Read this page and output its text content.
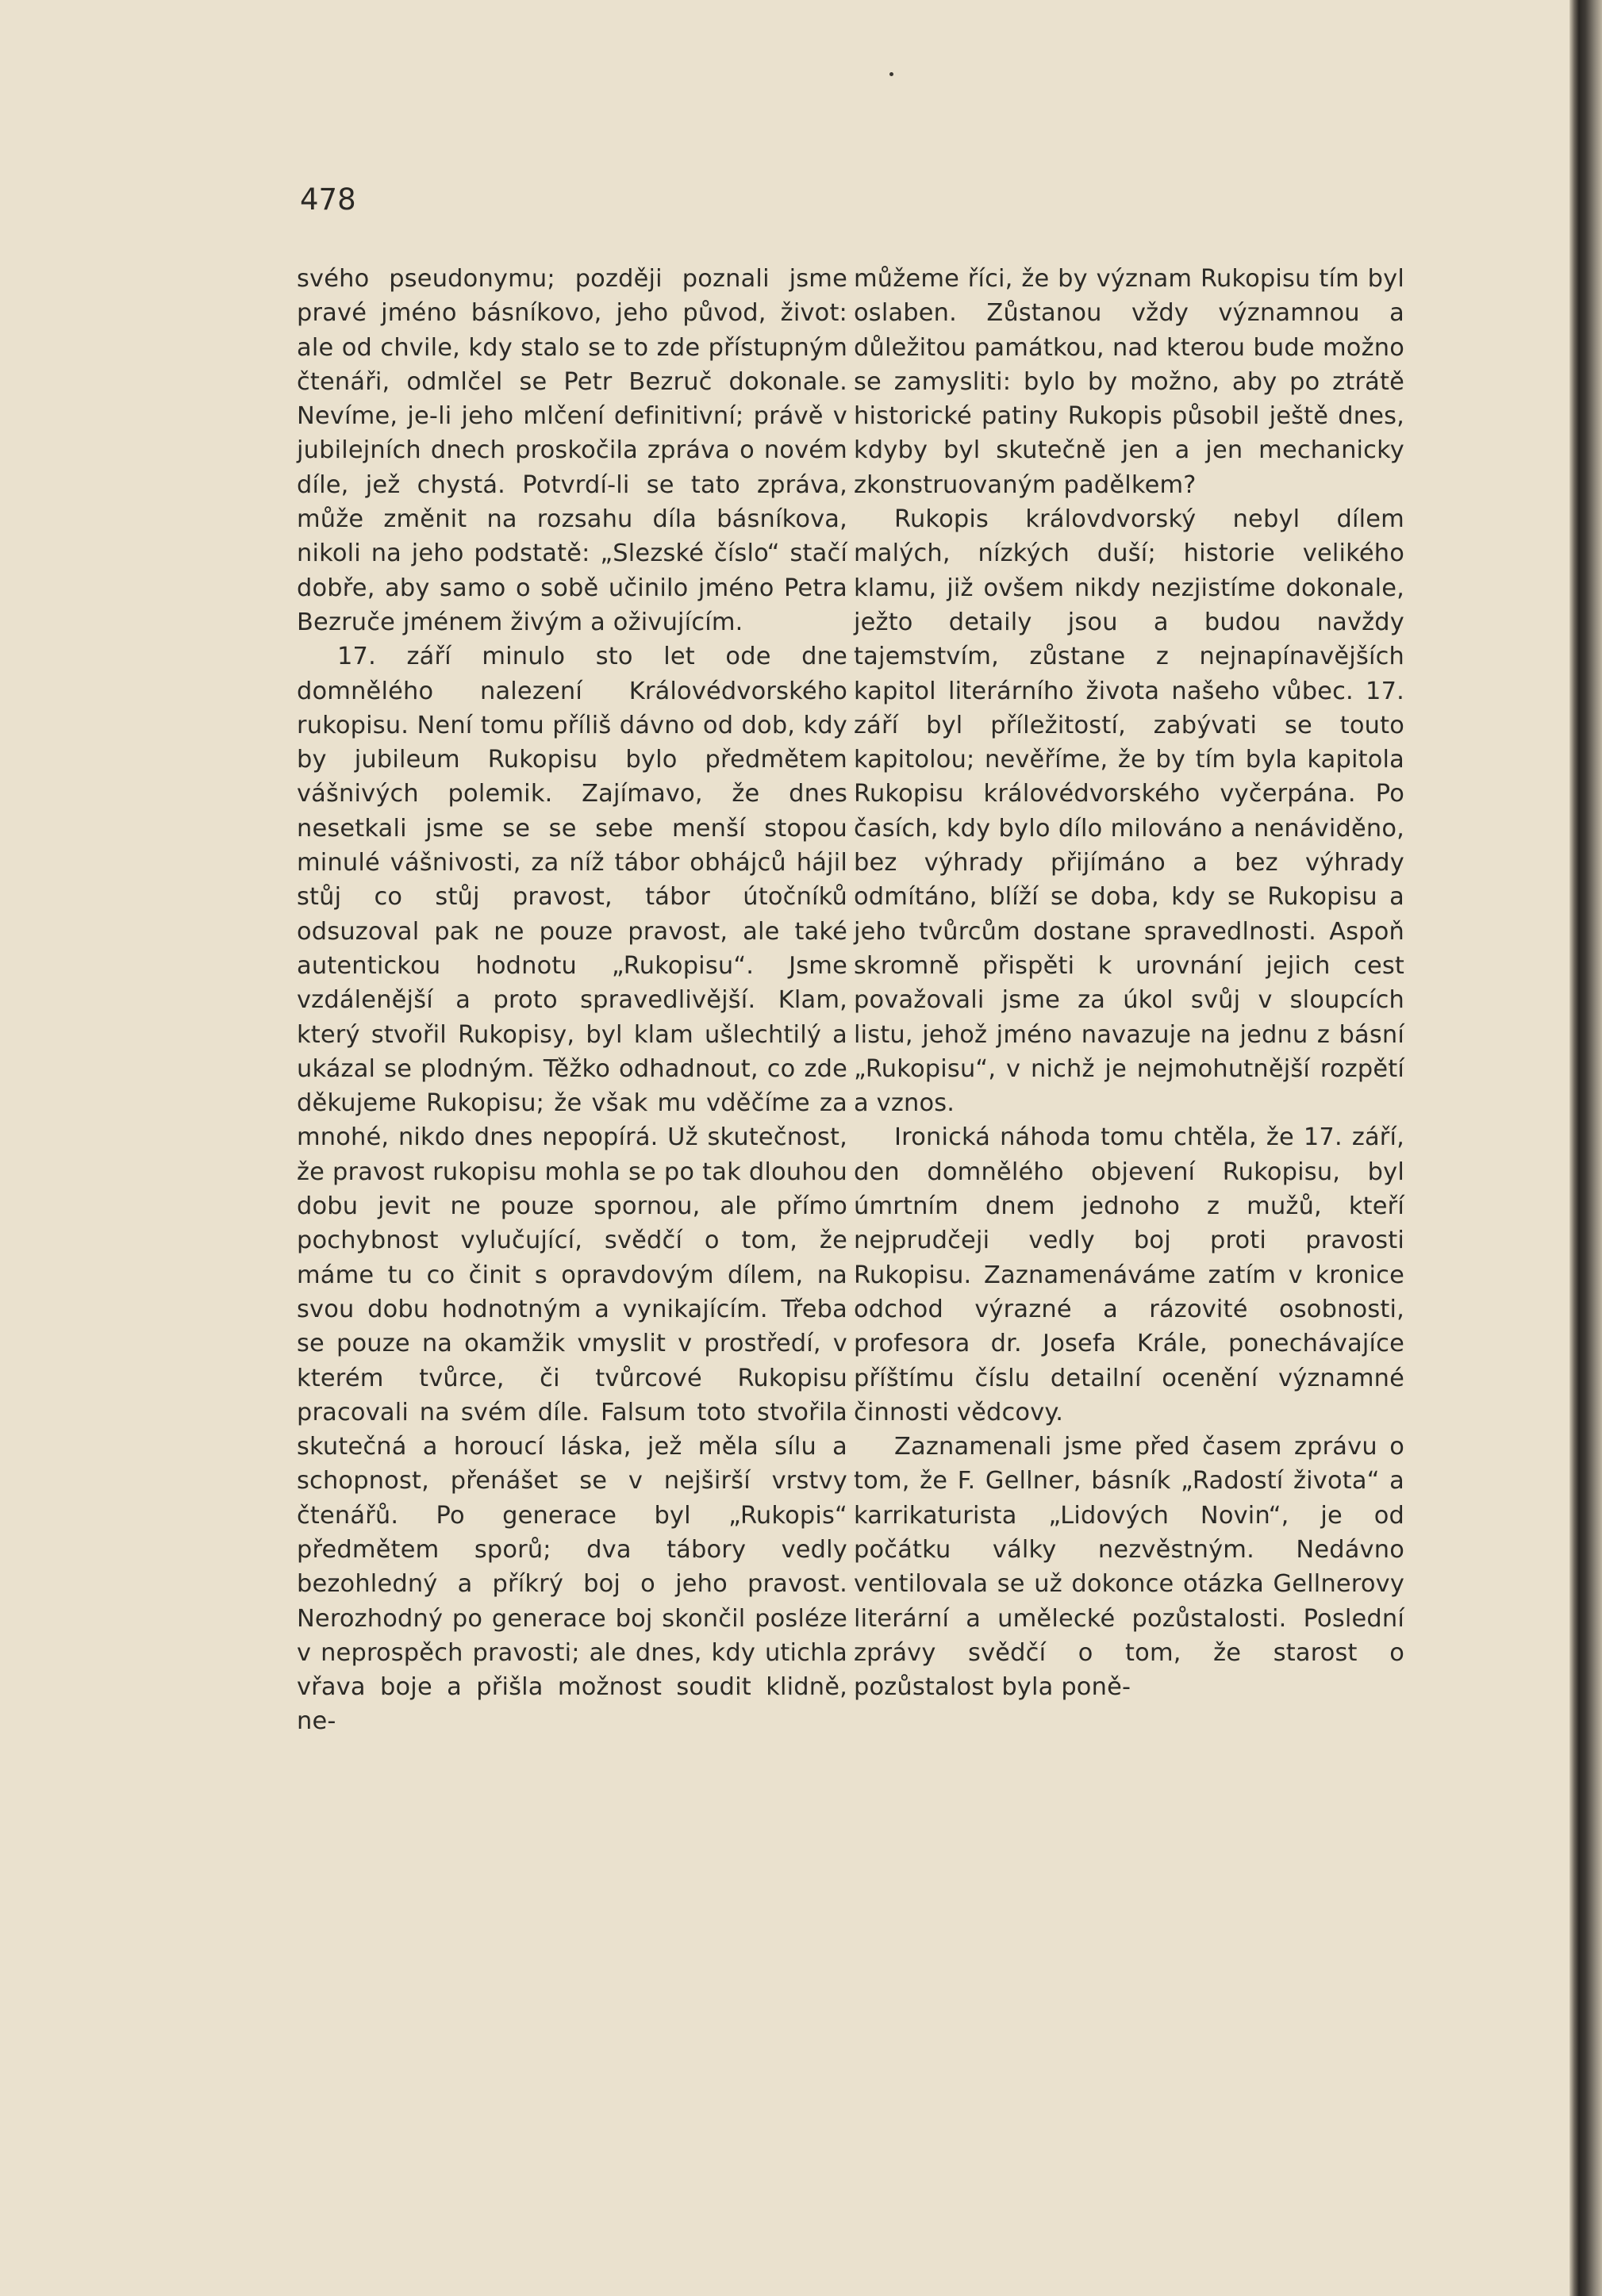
478

svého pseudonymu; později poznali jsme pravé jméno básníkovo, jeho původ, život: ale od chvile, kdy stalo se to zde přístupným čtenáři, odmlčel se Petr Bezruč dokonale. Nevíme, je-li jeho mlčení definitivní; právě v jubilejních dnech proskočila zpráva o novém díle, jež chystá. Potvrdí-li se tato zpráva, může změnit na rozsahu díla básníkova, nikoli na jeho podstatě: „Slezské číslo“ stačí dobře, aby samo o sobě učinilo jméno Petra Bezruče jménem živým a oživujícím.

17. září minulo sto let ode dne domnělého nalezení Královédvorského rukopisu. Není tomu příliš dávno od dob, kdy by jubileum Rukopisu bylo předmětem vášnivých polemik. Zajímavo, že dnes nesetkali jsme se se sebe menší stopou minulé vášnivosti, za níž tábor obhájců hájil stůj co stůj pravost, tábor útočníků odsuzoval pak ne pouze pravost, ale také autentickou hodnotu „Rukopisu“. Jsme vzdálenější a proto spravedlivější. Klam, který stvořil Rukopisy, byl klam ušlechtilý a ukázal se plodným. Těžko odhadnout, co zde děkujeme Rukopisu; že však mu vděčíme za mnohé, nikdo dnes nepopírá. Už skutečnost, že pravost rukopisu mohla se po tak dlouhou dobu jevit ne pouze spornou, ale přímo pochybnost vylučující, svědčí o tom, že máme tu co činit s opravdovým dílem, na svou dobu hodnotným a vynikajícím. Třeba se pouze na okamžik vmyslit v prostředí, v kterém tvůrce, či tvůrcové Rukopisu pracovali na svém díle. Falsum toto stvořila skutečná a horoucí láska, jež měla sílu a schopnost, přenášet se v nejširší vrstvy čtenářů. Po generace byl „Rukopis“ předmětem sporů; dva tábory vedly bezohledný a příkrý boj o jeho pravost. Nerozhodný po generace boj skončil posléze v neprospěch pravosti; ale dnes, kdy utichla vřava boje a přišla možnost soudit klidně, ne-

můžeme říci, že by význam Rukopisu tím byl oslaben. Zůstanou vždy významnou a důležitou památkou, nad kterou bude možno se zamysliti: bylo by možno, aby po ztrátě historické patiny Rukopis působil ještě dnes, kdyby byl skutečně jen a jen mechanicky zkonstruovaným padělkem?

Rukopis královdvorský nebyl dílem malých, nízkých duší; historie velikého klamu, již ovšem nikdy nezjistíme dokonale, ježto detaily jsou a budou navždy tajemstvím, zůstane z nejnapínavějších kapitol literárního života našeho vůbec. 17. září byl příležitostí, zabývati se touto kapitolou; nevěříme, že by tím byla kapitola Rukopisu královédvorského vyčerpána. Po časích, kdy bylo dílo milováno a nenáviděno, bez výhrady přijímáno a bez výhrady odmítáno, blíží se doba, kdy se Rukopisu a jeho tvůrcům dostane spravedlnosti. Aspoň skromně přispěti k urovnání jejich cest považovali jsme za úkol svůj v sloupcích listu, jehož jméno navazuje na jednu z básní „Rukopisu“, v nichž je nejmohutnější rozpětí a vznos.

Ironická náhoda tomu chtěla, že 17. září, den domnělého objevení Rukopisu, byl úmrtním dnem jednoho z mužů, kteří nejprudčeji vedly boj proti pravosti Rukopisu. Zaznamenáváme zatím v kronice odchod výrazné a rázovité osobnosti, profesora dr. Josefa Krále, ponechávajíce příštímu číslu detailní ocenění významné činnosti vědcovy.

Zaznamenali jsme před časem zprávu o tom, že F. Gellner, básník „Radostí života“ a karrikaturista „Lidových Novin“, je od počátku války nezvěstným. Nedávno ventilovala se už dokonce otázka Gellnerovy literární a umělecké pozůstalosti. Poslední zprávy svědčí o tom, že starost o pozůstalost byla poně-
